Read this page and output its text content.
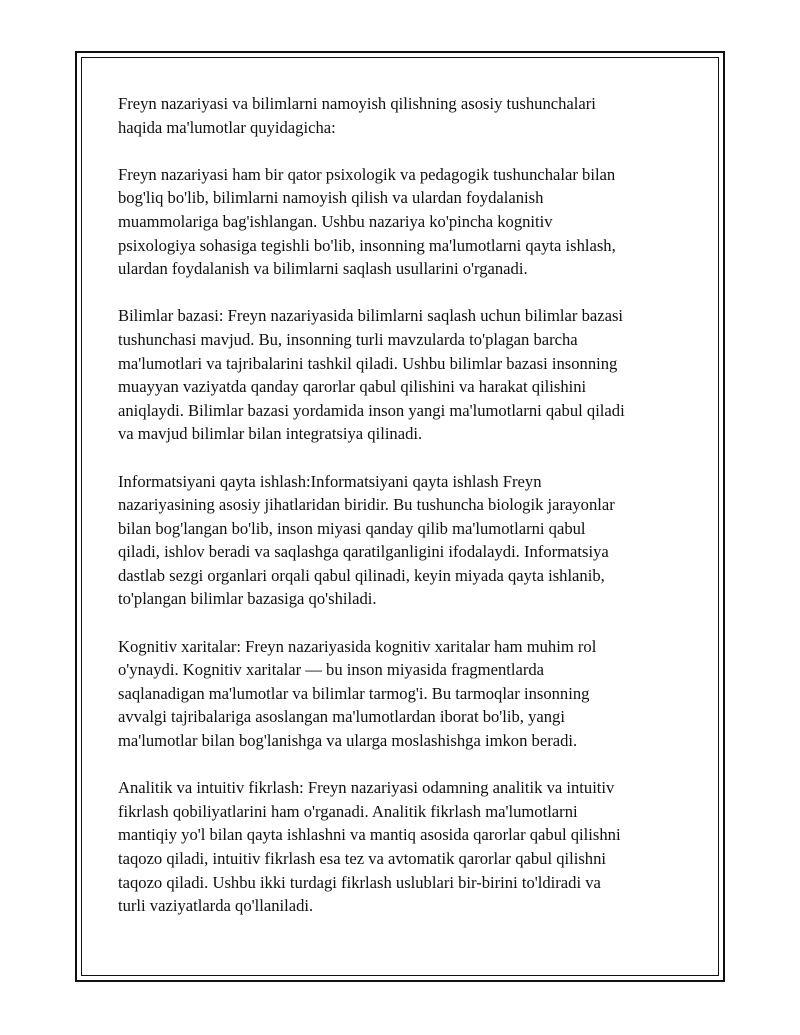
Freyn nazariyasi va bilimlarni namoyish qilishning asosiy tushunchalari
haqida ma'lumotlar quyidagicha:

Freyn nazariyasi ham bir qator psixologik va pedagogik tushunchalar bilan
bog'liq bo'lib, bilimlarni namoyish qilish va ulardan foydalanish
muammolariga bag'ishlangan. Ushbu nazariya ko'pincha kognitiv
psixologiya sohasiga tegishli bo'lib, insonning ma'lumotlarni qayta ishlash,
ulardan foydalanish va bilimlarni saqlash usullarini o'rganadi.

Bilimlar bazasi: Freyn nazariyasida bilimlarni saqlash uchun bilimlar bazasi
tushunchasi mavjud. Bu, insonning turli mavzularda to'plagan barcha
ma'lumotlari va tajribalarini tashkil qiladi. Ushbu bilimlar bazasi insonning
muayyan vaziyatda qanday qarorlar qabul qilishini va harakat qilishini
aniqlaydi. Bilimlar bazasi yordamida inson yangi ma'lumotlarni qabul qiladi
va mavjud bilimlar bilan integratsiya qilinadi.

Informatsiyani qayta ishlash:Informatsiyani qayta ishlash Freyn
nazariyasining asosiy jihatlaridan biridir. Bu tushuncha biologik jarayonlar
bilan bog'langan bo'lib, inson miyasi qanday qilib ma'lumotlarni qabul
qiladi, ishlov beradi va saqlashga qaratilganligini ifodalaydi. Informatsiya
dastlab sezgi organlari orqali qabul qilinadi, keyin miyada qayta ishlanib,
to'plangan bilimlar bazasiga qo'shiladi.

Kognitiv xaritalar: Freyn nazariyasida kognitiv xaritalar ham muhim rol
o'ynaydi. Kognitiv xaritalar — bu inson miyasida fragmentlarda
saqlanadigan ma'lumotlar va bilimlar tarmog'i. Bu tarmoqlar insonning
avvalgi tajribalariga asoslangan ma'lumotlardan iborat bo'lib, yangi
ma'lumotlar bilan bog'lanishga va ularga moslashishga imkon beradi.

Analitik va intuitiv fikrlash: Freyn nazariyasi odamning analitik va intuitiv
fikrlash qobiliyatlarini ham o'rganadi. Analitik fikrlash ma'lumotlarni
mantiqiy yo'l bilan qayta ishlashni va mantiq asosida qarorlar qabul qilishni
taqozo qiladi, intuitiv fikrlash esa tez va avtomatik qarorlar qabul qilishni
taqozo qiladi. Ushbu ikki turdagi fikrlash uslublari bir-birini to'ldiradi va
turli vaziyatlarda qo'llaniladi.
